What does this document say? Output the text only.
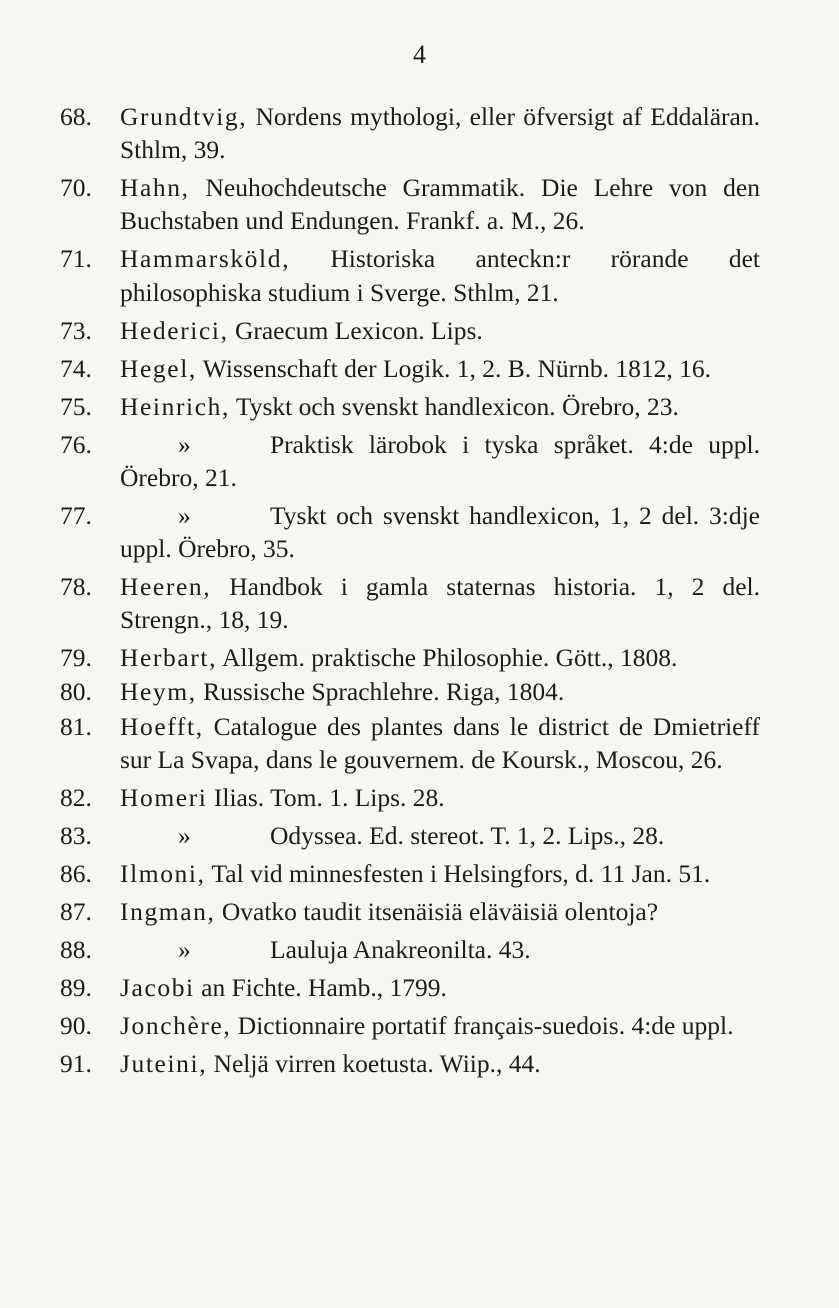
4
68. Grundtvig, Nordens mythologi, eller öfversigt af Eddaläran. Sthlm, 39.
70. Hahn, Neuhochdeutsche Grammatik. Die Lehre von den Buchstaben und Endungen. Frankf. a. M., 26.
71. Hammarsköld, Historiska anteckn:r rörande det philosophiska studium i Sverge. Sthlm, 21.
73. Hederici, Graecum Lexicon. Lips.
74. Hegel, Wissenschaft der Logik. 1, 2. B. Nürnb. 1812, 16.
75. Heinrich, Tyskt och svenskt handlexicon. Örebro, 23.
76.	»	Praktisk lärobok i tyska språket. 4:de uppl. Örebro, 21.
77.	»	Tyskt och svenskt handlexicon, 1, 2 del. 3:dje uppl. Örebro, 35.
78. Heeren, Handbok i gamla staternas historia. 1, 2 del. Strengn., 18, 19.
79. Herbart, Allgem. praktische Philosophie. Gött., 1808.
80. Heym, Russische Sprachlehre. Riga, 1804.
81. Hoefft, Catalogue des plantes dans le district de Dmietrieff sur La Svapa, dans le gouvernem. de Koursk., Moscou, 26.
82. Homeri Ilias. Tom. 1. Lips. 28.
83.	»	Odyssea. Ed. stereot. T. 1, 2. Lips., 28.
86. Ilmoni, Tal vid minnesfesten i Helsingfors, d. 11 Jan. 51.
87. Ingman, Ovatko taudit itsenäisiä eläväisiä olentoja?
88.	»	Lauluja Anakreonilta. 43.
89. Jacobi an Fichte. Hamb., 1799.
90. Jonchère, Dictionnaire portatif français-suedois. 4:de uppl.
91. Juteini, Neljä virren koetusta. Wiip., 44.
